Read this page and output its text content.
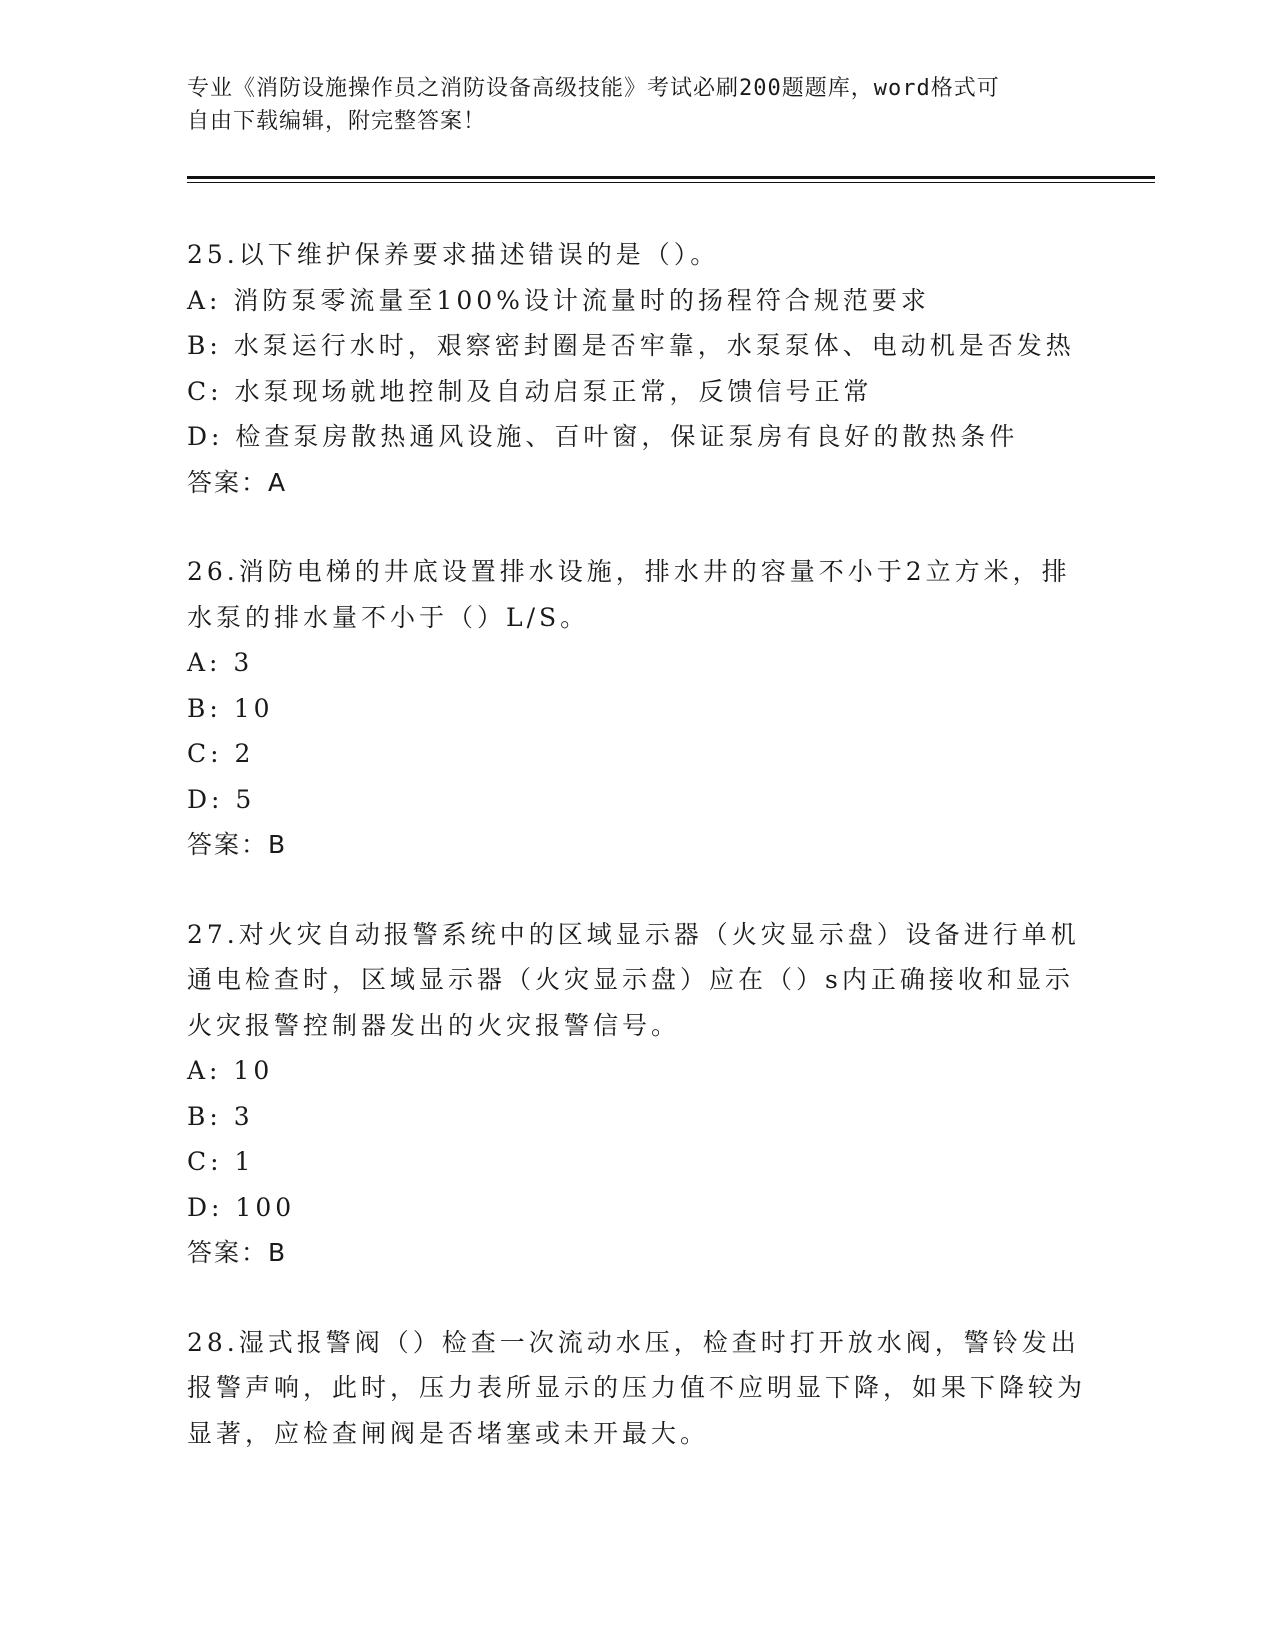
专业《消防设施操作员之消防设备高级技能》考试必刷200题题库，word格式可
自由下载编辑，附完整答案！
25.以下维护保养要求描述错误的是（）。
A: 消防泵零流量至100%设计流量时的扬程符合规范要求
B: 水泵运行水时，艰察密封圈是否牢靠，水泵泵体、电动机是否发热
C: 水泵现场就地控制及自动启泵正常，反馈信号正常
D: 检查泵房散热通风设施、百叶窗，保证泵房有良好的散热条件
答案：A
26.消防电梯的井底设置排水设施，排水井的容量不小于2立方米，排水泵的排水量不小于（）L/S。
A: 3
B: 10
C: 2
D: 5
答案：B
27.对火灾自动报警系统中的区域显示器（火灾显示盘）设备进行单机通电检查时，区域显示器（火灾显示盘）应在（）s内正确接收和显示火灾报警控制器发出的火灾报警信号。
A: 10
B: 3
C: 1
D: 100
答案：B
28.湿式报警阀（）检查一次流动水压，检查时打开放水阀，警铃发出报警声响，此时，压力表所显示的压力值不应明显下降，如果下降较为显著，应检查闸阀是否堵塞或未开最大。
